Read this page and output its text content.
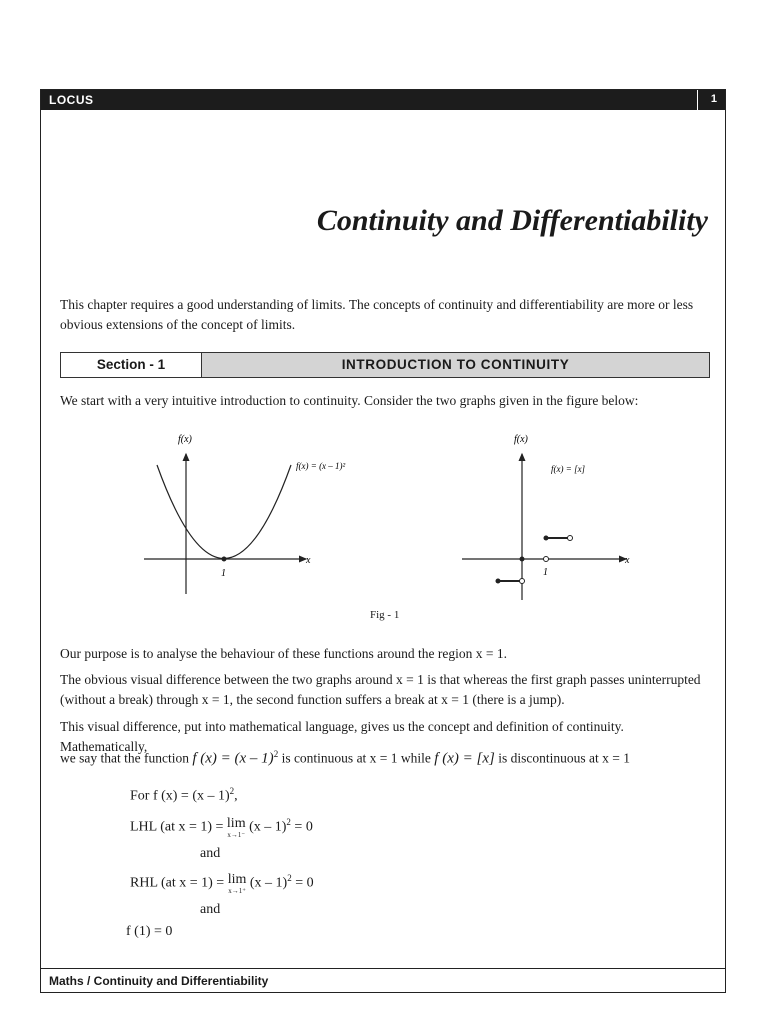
LOCUS	1
Continuity and Differentiability
This chapter requires a good understanding of limits. The concepts of continuity and differentiability are more or less obvious extensions of the concept of limits.
Section - 1	INTRODUCTION TO CONTINUITY
We start with a very intuitive introduction to continuity. Consider the two graphs given in the figure below:
f(x)
x
1
f(x) = (x – 1)²
f(x)
x
1
f(x) = [x]
Fig - 1
Our purpose is to analyse the behaviour of these functions around the region x = 1.
The obvious visual difference between the two graphs around x = 1 is that whereas the first graph passes uninterrupted (without a break) through x = 1, the second function suffers a break at x = 1 (there is a jump).
This visual difference, put into mathematical language, gives us the concept and definition of continuity. Mathematically,
we say that the function f (x) = (x – 1)$^2$ is continuous at x = 1 while f (x) = [x] is discontinuous at x = 1
For f (x) = (x – 1)$^2$,
LHL (at x = 1) = lim
x→1⁻
(x – 1)$^2$ = 0
and
RHL (at x = 1) = lim
x→1⁺
(x – 1)$^2$ = 0
and
f (1) = 0
Maths / Continuity and Differentiability
